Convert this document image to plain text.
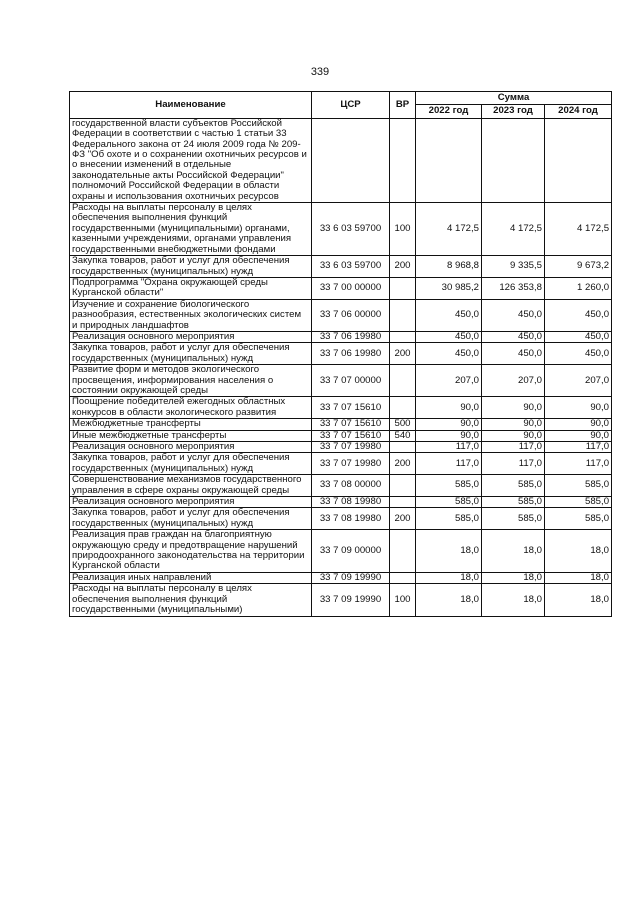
339
Наименование	ЦСР	ВР	Сумма		
			2022 год	2023 год	2024 год
государственной власти субъектов Российской Федерации в соответствии с частью 1 статьи 33 Федерального закона от 24 июля 2009 года № 209-ФЗ "Об охоте и о сохранении охотничьих ресурсов и о внесении изменений в отдельные законодательные акты Российской Федерации" полномочий Российской Федерации в области охраны и использования охотничьих ресурсов					
Расходы на выплаты персоналу в целях обеспечения выполнения функций государственными (муниципальными) органами, казенными учреждениями, органами управления государственными внебюджетными фондами	33 6 03 59700	100	4 172,5	4 172,5	4 172,5
Закупка товаров, работ и услуг для обеспечения государственных (муниципальных) нужд	33 6 03 59700	200	8 968,8	9 335,5	9 673,2
Подпрограмма "Охрана окружающей среды Курганской области"	33 7 00 00000		30 985,2	126 353,8	1 260,0
Изучение и сохранение биологического разнообразия, естественных экологических систем и природных ландшафтов	33 7 06 00000		450,0	450,0	450,0
Реализация основного мероприятия	33 7 06 19980		450,0	450,0	450,0
Закупка товаров, работ и услуг для обеспечения государственных (муниципальных) нужд	33 7 06 19980	200	450,0	450,0	450,0
Развитие форм и методов экологического просвещения, информирования населения о состоянии окружающей среды	33 7 07 00000		207,0	207,0	207,0
Поощрение победителей ежегодных областных конкурсов в области экологического развития	33 7 07 15610		90,0	90,0	90,0
Межбюджетные трансферты	33 7 07 15610	500	90,0	90,0	90,0
Иные межбюджетные трансферты	33 7 07 15610	540	90,0	90,0	90,0
Реализация основного мероприятия	33 7 07 19980		117,0	117,0	117,0
Закупка товаров, работ и услуг для обеспечения государственных (муниципальных) нужд	33 7 07 19980	200	117,0	117,0	117,0
Совершенствование механизмов государственного управления в сфере охраны окружающей среды	33 7 08 00000		585,0	585,0	585,0
Реализация основного мероприятия	33 7 08 19980		585,0	585,0	585,0
Закупка товаров, работ и услуг для обеспечения государственных (муниципальных) нужд	33 7 08 19980	200	585,0	585,0	585,0
Реализация прав граждан на благоприятную окружающую среду и предотвращение нарушений природоохранного законодательства на территории Курганской области	33 7 09 00000		18,0	18,0	18,0
Реализация иных направлений	33 7 09 19990		18,0	18,0	18,0
Расходы на выплаты персоналу в целях обеспечения выполнения функций государственными (муниципальными)	33 7 09 19990	100	18,0	18,0	18,0
